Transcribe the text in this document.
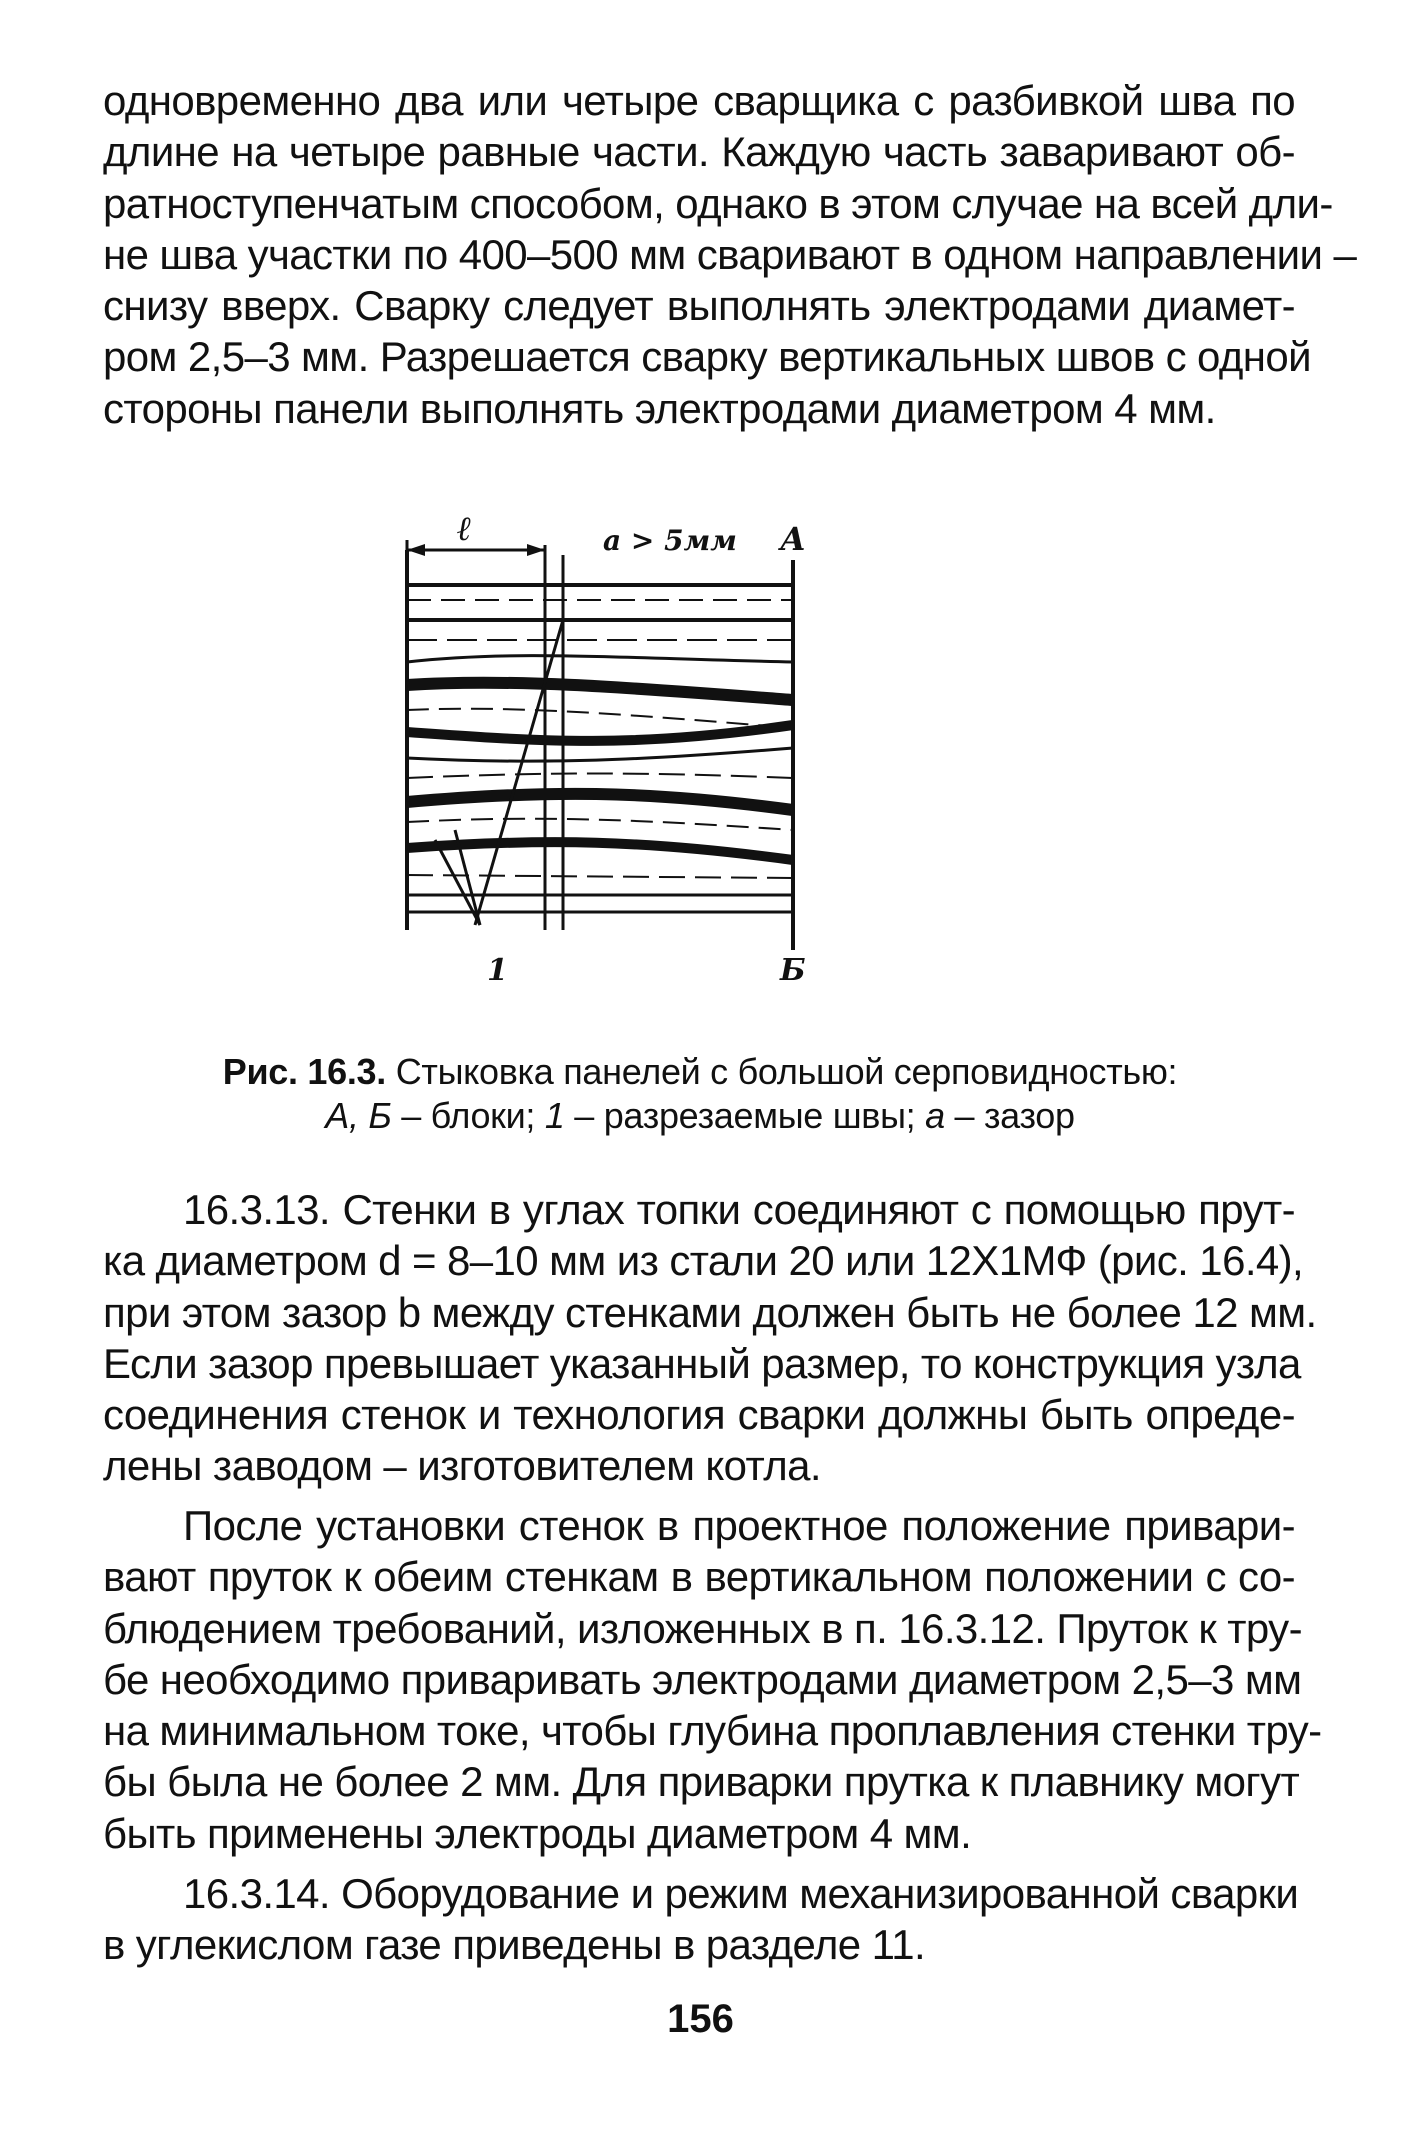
одновременно два или четыре сварщика с разбивкой шва по
длине на четыре равные части. Каждую часть заваривают об-
ратноступенчатым способом, однако в этом случае на всей дли-
не шва участки по 400–500 мм сваривают в одном направлении –
снизу вверх. Сварку следует выполнять электродами диамет-
ром 2,5–3 мм. Разрешается сварку вертикальных швов с одной
стороны панели выполнять электродами диаметром 4 мм.
ℓ	a > 5мм А
1	Б
Рис. 16.3. Стыковка панелей с большой серповидностью:
А, Б – блоки; 1 – разрезаемые швы; а – зазор
16.3.13. Стенки в углах топки соединяют с помощью прут-
ка диаметром d = 8–10 мм из стали 20 или 12Х1МФ (рис. 16.4),
при этом зазор b между стенками должен быть не более 12 мм.
Если зазор превышает указанный размер, то конструкция узла
соединения стенок и технология сварки должны быть опреде-
лены заводом – изготовителем котла.
После установки стенок в проектное положение привари-
вают пруток к обеим стенкам в вертикальном положении с со-
блюдением требований, изложенных в п. 16.3.12. Пруток к тру-
бе необходимо приваривать электродами диаметром 2,5–3 мм
на минимальном токе, чтобы глубина проплавления стенки тру-
бы была не более 2 мм. Для приварки прутка к плавнику могут
быть применены электроды диаметром 4 мм.
16.3.14. Оборудование и режим механизированной сварки
в углекислом газе приведены в разделе 11.
156
